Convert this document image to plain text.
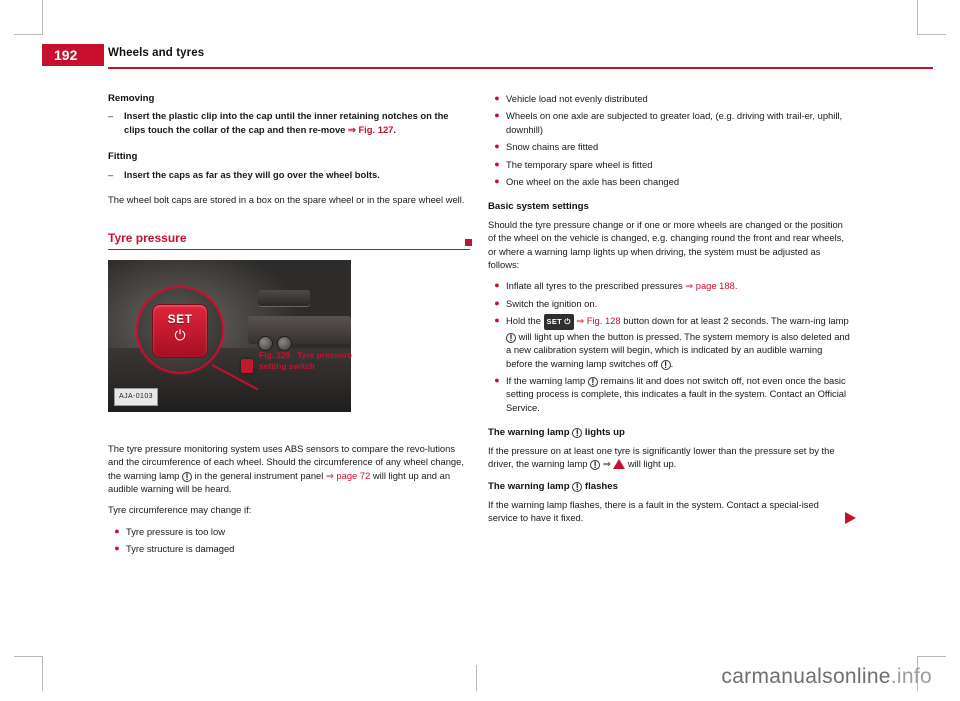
192	Wheels and tyres
Removing
–	Insert the plastic clip into the cap until the inner retaining notches on the clips touch the collar of the cap and then re-move ⇒ Fig. 127.
Fitting
–	Insert the caps as far as they will go over the wheel bolts.

The wheel bolt caps are stored in a box on the spare wheel or in the spare wheel well.

Tyre pressure
SET
⏻
AJA-0103

The tyre pressure monitoring system uses ABS sensors to compare the revo-lutions and the circumference of each wheel. Should the circumference of any wheel change, the warning lamp ! in the general instrument panel ⇒ page 72 will light up and an audible warning will be heard.

Tyre circumference may change if:

● Tyre pressure is too low
● Tyre structure is damaged
Fig. 128 Tyre pressure setting switch
● Vehicle load not evenly distributed
● Wheels on one axle are subjected to greater load, (e.g. driving with trail-er, uphill, downhill)
● Snow chains are fitted
● The temporary spare wheel is fitted
● One wheel on the axle has been changed
Basic system settings

Should the tyre pressure change or if one or more wheels are changed or the position of the wheel on the vehicle is changed, e.g. changing round the front and rear wheels, or where a warning lamp lights up when driving, the system must be adjusted as follows:

● Inflate all tyres to the prescribed pressures ⇒ page 188.
● Switch the ignition on.
● Hold the SET ⏻ ⇒ Fig. 128 button down for at least 2 seconds. The warn-ing lamp ! will light up when the button is pressed. The system memory is also deleted and a new calibration system will begin, which is indicated by an audible warning before the warning lamp switches off ! .
● If the warning lamp ! remains lit and does not switch off, not even once the basic setting process is complete, this indicates a fault in the system. Contact an Official Service.
The warning lamp ! lights up

If the pressure on at least one tyre is significantly lower than the pressure set by the driver, the warning lamp ! ⇒  will light up.

The warning lamp ! flashes

If the warning lamp flashes, there is a fault in the system. Contact a special-ised service to have it fixed.

carmanualsonline.info
